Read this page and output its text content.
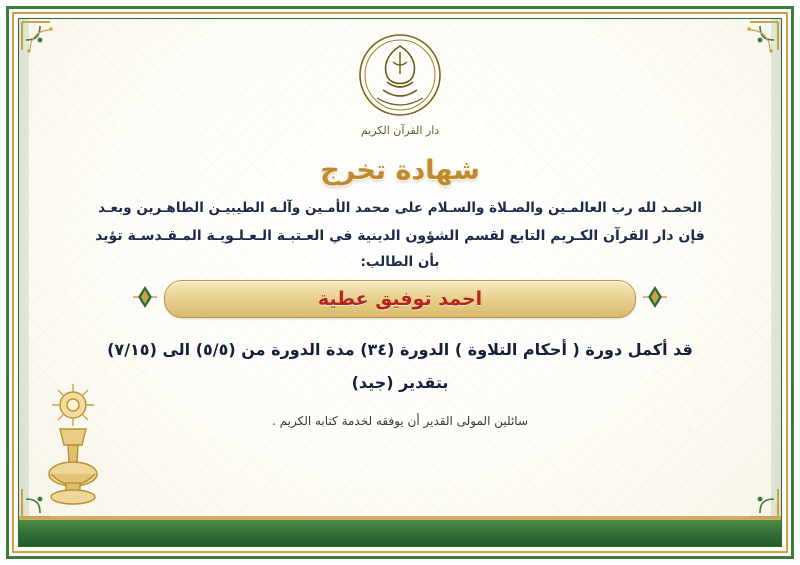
دار القرآن الكريم
شهادة تخرج
الحمـد لله رب العالمـين والصـلاة والسـلام على محمد الأمـين وآلـه الطيبيـن الطاهـرين وبعـد
فإن دار القرآن الكـريم التابع لقسم الشؤون الدينية في العـتبـة الـعـلـويـة المـقـدسـة تؤيد
بأن الطالب:
احمد توفيق عطية
قد أكمل دورة ( أحكام التلاوة ) الدورة (٣٤) مدة الدورة من (٥/٥) الى (٧/١٥)
بتقدير (جيد)
سائلين المولى القدير أن يوفقه لخدمة كتابه الكريم .
